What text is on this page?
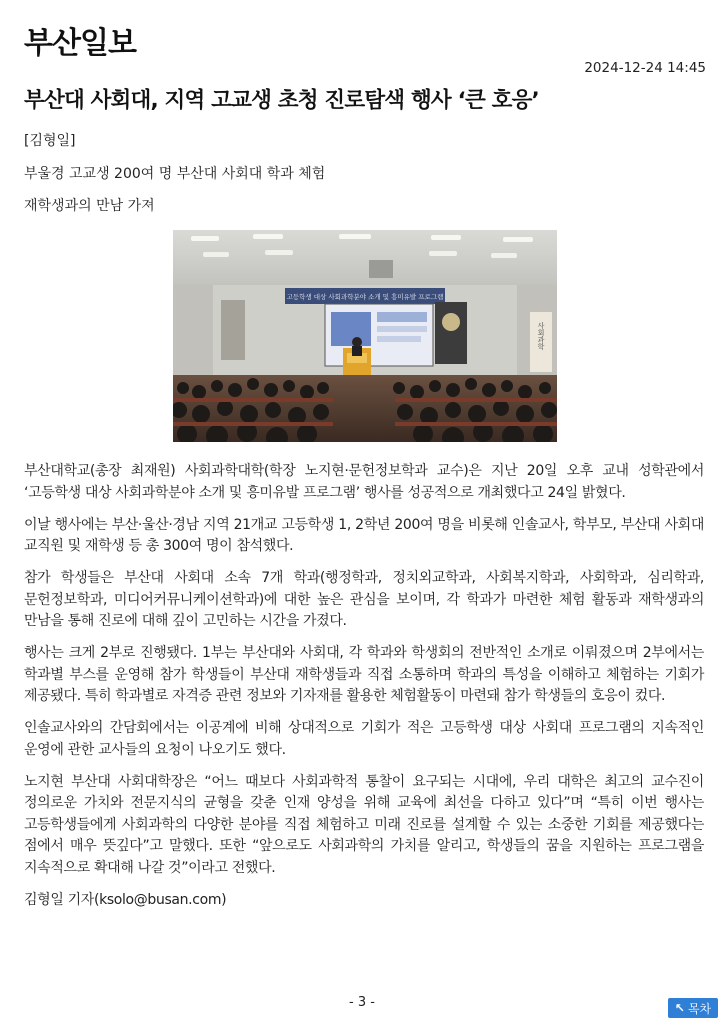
부산일보
2024-12-24 14:45
부산대 사회대, 지역 고교생 초청 진로탐색 행사 ‘큰 호응’
[김형일]
부울경 고교생 200여 명 부산대 사회대 학과 체험
재학생과의 만남 가져
고등학생 대상 사회과학분야 소개 및 흥미유발 프로그램
사회과학

부산대학교(총장 최재원) 사회과학대학(학장 노지현·문헌정보학과 교수)은 지난 20일 오후 교내 성학관에서 ‘고등학생 대상 사회과학분야 소개 및 흥미유발 프로그램’ 행사를 성공적으로 개최했다고 24일 밝혔다.

이날 행사에는 부산·울산·경남 지역 21개교 고등학생 1, 2학년 200여 명을 비롯해 인솔교사, 학부모, 부산대 사회대 교직원 및 재학생 등 총 300여 명이 참석했다.

참가 학생들은 부산대 사회대 소속 7개 학과(행정학과, 정치외교학과, 사회복지학과, 사회학과, 심리학과, 문헌정보학과, 미디어커뮤니케이션학과)에 대한 높은 관심을 보이며, 각 학과가 마련한 체험 활동과 재학생과의 만남을 통해 진로에 대해 깊이 고민하는 시간을 가졌다.

행사는 크게 2부로 진행됐다. 1부는 부산대와 사회대, 각 학과와 학생회의 전반적인 소개로 이뤄졌으며 2부에서는 학과별 부스를 운영해 참가 학생들이 부산대 재학생들과 직접 소통하며 학과의 특성을 이해하고 체험하는 기회가 제공됐다. 특히 학과별로 자격증 관련 정보와 기자재를 활용한 체험활동이 마련돼 참가 학생들의 호응이 컸다.

인솔교사와의 간담회에서는 이공계에 비해 상대적으로 기회가 적은 고등학생 대상 사회대 프로그램의 지속적인 운영에 관한 교사들의 요청이 나오기도 했다.

노지현 부산대 사회대학장은 “어느 때보다 사회과학적 통찰이 요구되는 시대에, 우리 대학은 최고의 교수진이 정의로운 가치와 전문지식의 균형을 갖춘 인재 양성을 위해 교육에 최선을 다하고 있다”며 “특히 이번 행사는 고등학생들에게 사회과학의 다양한 분야를 직접 체험하고 미래 진로를 설계할 수 있는 소중한 기회를 제공했다는 점에서 매우 뜻깊다”고 말했다. 또한 “앞으로도 사회과학의 가치를 알리고, 학생들의 꿈을 지원하는 프로그램을 지속적으로 확대해 나갈 것”이라고 전했다.

김형일 기자(ksolo@busan.com)

- 3 -	↖ 목차
